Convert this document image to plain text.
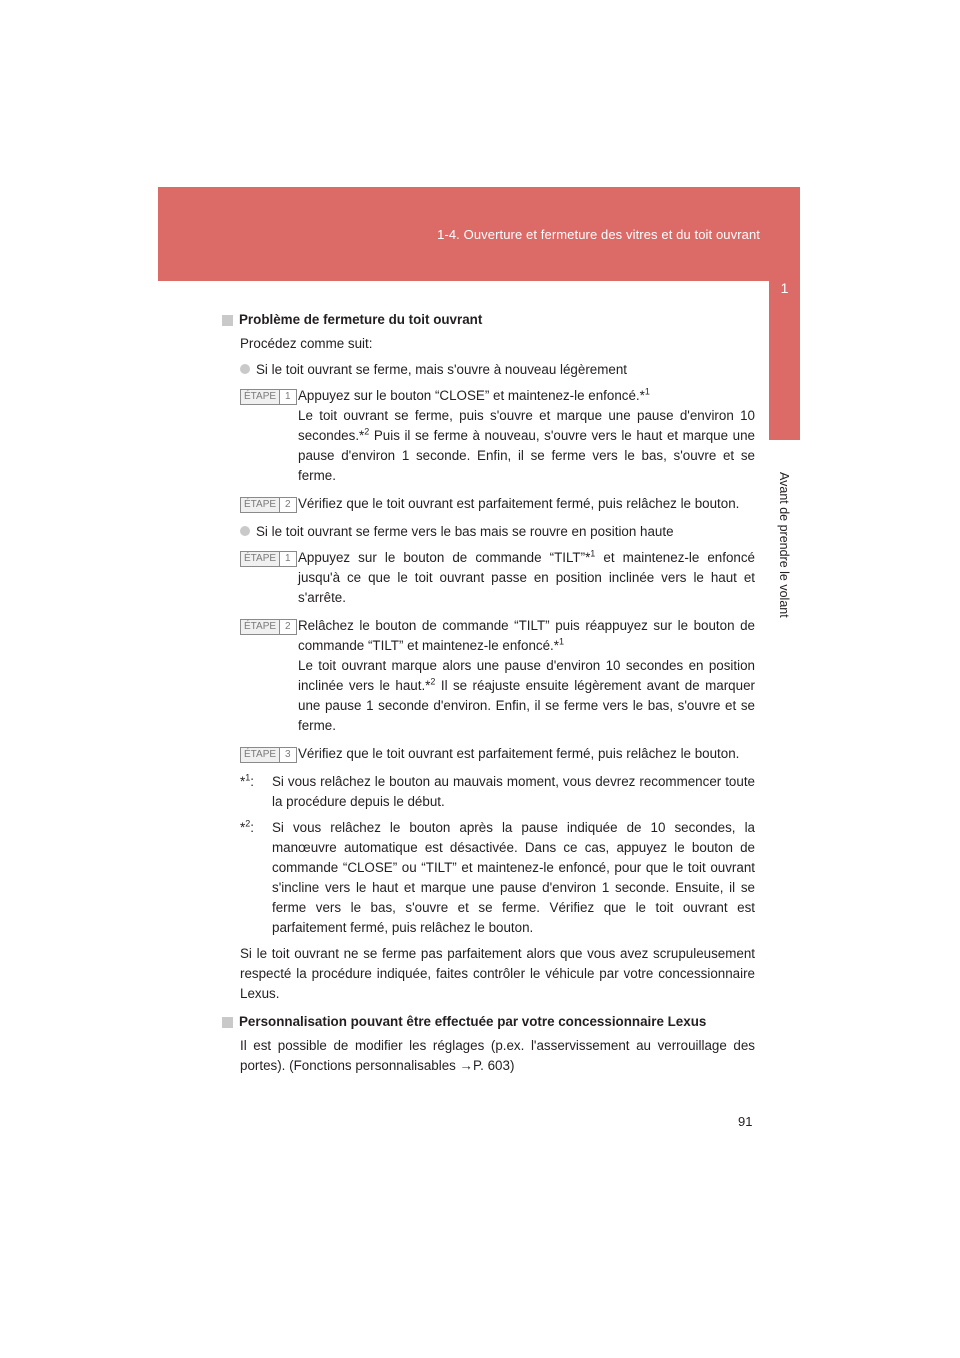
1-4. Ouverture et fermeture des vitres et du toit ouvrant
1
Avant de prendre le volant
Problème de fermeture du toit ouvrant
Procédez comme suit:
Si le toit ouvrant se ferme, mais s'ouvre à nouveau légèrement
ÉTAPE 1 Appuyez sur le bouton “CLOSE” et maintenez-le enfoncé.*$^1$
Le toit ouvrant se ferme, puis s'ouvre et marque une pause d'environ 10 secondes.*$^2$ Puis il se ferme à nouveau, s'ouvre vers le haut et marque une pause d'environ 1 seconde. Enfin, il se ferme vers le bas, s'ouvre et se ferme.
ÉTAPE 2 Vérifiez que le toit ouvrant est parfaitement fermé, puis relâchez le bouton.
Si le toit ouvrant se ferme vers le bas mais se rouvre en position haute
ÉTAPE 1 Appuyez sur le bouton de commande “TILT”*$^1$ et maintenez-le enfoncé jusqu'à ce que le toit ouvrant passe en position inclinée vers le haut et s'arrête.
ÉTAPE 2 Relâchez le bouton de commande “TILT” puis réappuyez sur le bouton de commande “TILT” et maintenez-le enfoncé.*$^1$
Le toit ouvrant marque alors une pause d'environ 10 secondes en position inclinée vers le haut.*$^2$ Il se réajuste ensuite légèrement avant de marquer une pause 1 seconde d'environ. Enfin, il se ferme vers le bas, s'ouvre et se ferme.
ÉTAPE 3 Vérifiez que le toit ouvrant est parfaitement fermé, puis relâchez le bouton.
*$^1$:	Si vous relâchez le bouton au mauvais moment, vous devrez recommencer toute la procédure depuis le début.
*$^2$:	Si vous relâchez le bouton après la pause indiquée de 10 secondes, la manœuvre automatique est désactivée. Dans ce cas, appuyez le bouton de commande “CLOSE” ou “TILT” et maintenez-le enfoncé, pour que le toit ouvrant s'incline vers le haut et marque une pause d'environ 1 seconde. Ensuite, il se ferme vers le bas, s'ouvre et se ferme. Vérifiez que le toit ouvrant est parfaitement fermé, puis relâchez le bouton.
Si le toit ouvrant ne se ferme pas parfaitement alors que vous avez scrupuleusement respecté la procédure indiquée, faites contrôler le véhicule par votre concessionnaire Lexus.
Personnalisation pouvant être effectuée par votre concessionnaire Lexus
Il est possible de modifier les réglages (p.ex. l'asservissement au verrouillage des portes). (Fonctions personnalisables →P. 603)
91
